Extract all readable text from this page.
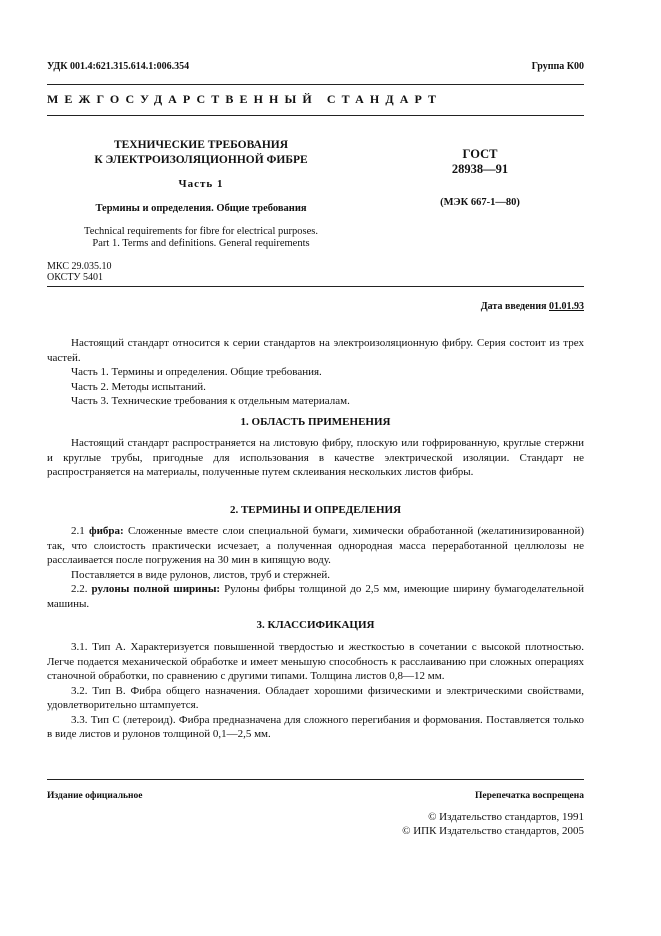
УДК 001.4:621.315.614.1:006.354	Группа К00
МЕЖГОСУДАРСТВЕННЫЙ СТАНДАРТ
ТЕХНИЧЕСКИЕ ТРЕБОВАНИЯ
К ЭЛЕКТРОИЗОЛЯЦИОННОЙ ФИБРЕ
Часть 1
Термины и определения. Общие требования
Technical requirements for fibre for electrical purposes.
Part 1. Terms and definitions. General requirements
ГОСТ
28938—91
(МЭК 667-1—80)
МКС 29.035.10
ОКСТУ 5401
Дата введения 01.01.93

Настоящий стандарт относится к серии стандартов на электроизоляционную фибру. Серия состоит из трех частей.

Часть 1. Термины и определения. Общие требования.

Часть 2. Методы испытаний.

Часть 3. Технические требования к отдельным материалам.

1. ОБЛАСТЬ ПРИМЕНЕНИЯ

Настоящий стандарт распространяется на листовую фибру, плоскую или гофрированную, круглые стержни и круглые трубы, пригодные для использования в качестве электрической изоляции. Стандарт не распространяется на материалы, полученные путем склеивания нескольких листов фибры.

2. ТЕРМИНЫ И ОПРЕДЕЛЕНИЯ

2.1 фибра: Сложенные вместе слои специальной бумаги, химически обработанной (желатинизированной) так, что слоистость практически исчезает, а полученная однородная масса переработанной целлюлозы не расслаивается после погружения на 30 мин в кипящую воду.

Поставляется в виде рулонов, листов, труб и стержней.

2.2. рулоны полной ширины: Рулоны фибры толщиной до 2,5 мм, имеющие ширину бумагоделательной машины.

3. КЛАССИФИКАЦИЯ

3.1. Тип А. Характеризуется повышенной твердостью и жесткостью в сочетании с высокой плотностью. Легче подается механической обработке и имеет меньшую способность к расслаиванию при сложных операциях станочной обработки, по сравнению с другими типами. Толщина листов 0,8—12 мм.

3.2. Тип В. Фибра общего назначения. Обладает хорошими физическими и электрическими свойствами, удовлетворительно штампуется.

3.3. Тип С (летероид). Фибра предназначена для сложного перегибания и формования. Поставляется только в виде листов и рулонов толщиной 0,1—2,5 мм.

Издание официальное	Перепечатка воспрещена
© Издательство стандартов, 1991
© ИПК Издательство стандартов, 2005
